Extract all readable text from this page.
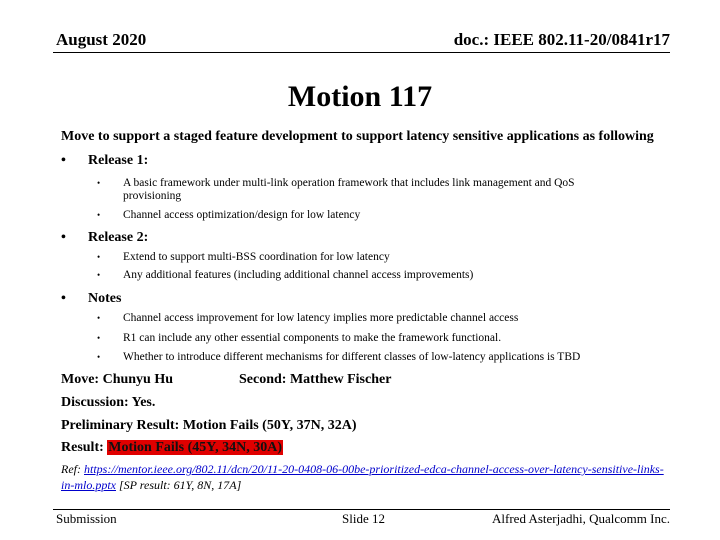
August 2020	doc.: IEEE 802.11-20/0841r17
Motion 117
Move to support a staged feature development to support latency sensitive applications as following
• Release 1:
• A basic framework under multi-link operation framework that includes link management and QoS provisioning
• Channel access optimization/design for low latency
• Release 2:
• Extend to support multi-BSS coordination for low latency
• Any additional features (including additional channel access improvements)
• Notes
• Channel access improvement for low latency implies more predictable channel access
• R1 can include any other essential components to make the framework functional.
• Whether to introduce different mechanisms for different classes of low-latency applications is TBD
Move: Chunyu Hu	Second: Matthew Fischer
Discussion: Yes.
Preliminary Result: Motion Fails (50Y, 37N, 32A)
Result: Motion Fails (45Y, 34N, 30A)
Ref: https://mentor.ieee.org/802.11/dcn/20/11-20-0408-06-00be-prioritized-edca-channel-access-over-latency-sensitive-links-in-mlo.pptx [SP result: 61Y, 8N, 17A]
Submission	Slide 12	Alfred Asterjadhi, Qualcomm Inc.
